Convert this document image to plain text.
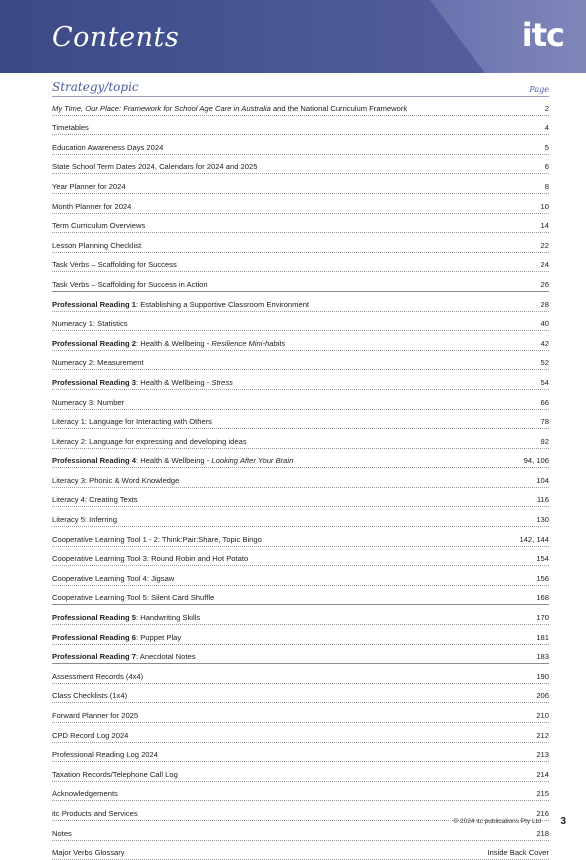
Contents	itc
Strategy/topic	Page
My Time, Our Place: Framework for School Age Care in Australia and the National Curriculum Framework	2
Timetables	4
Education Awareness Days 2024	5
State School Term Dates 2024, Calendars for 2024 and 2025	6
Year Planner for 2024	8
Month Planner for 2024	10
Term Curriculum Overviews	14
Lesson Planning Checklist	22
Task Verbs – Scaffolding for Success	24
Task Verbs – Scaffolding for Success in Action	26
Professional Reading 1: Establishing a Supportive Classroom Environment	28
Numeracy 1: Statistics	40
Professional Reading 2: Health & Wellbeing - Resilience Mini-habits	42
Numeracy 2: Measurement	52
Professional Reading 3: Health & Wellbeing - Stress	54
Numeracy 3: Number	66
Literacy 1: Language for Interacting with Others	78
Literacy 2: Language for expressing and developing ideas	92
Professional Reading 4: Health & Wellbeing - Looking After Your Brain	94, 106
Literacy 3: Phonic & Word Knowledge	104
Literacy 4: Creating Texts	116
Literacy 5: Inferring	130
Cooperative Learning Tool 1 - 2: Think:Pair:Share, Topic Bingo	142, 144
Cooperative Learning Tool 3: Round Robin and Hot Potato	154
Cooperative Learning Tool 4: Jigsaw	156
Cooperative Learning Tool 5: Silent Card Shuffle	168
Professional Reading 5: Handwriting Skills	170
Professional Reading 6: Puppet Play	181
Professional Reading 7: Anecdotal Notes	183
Assessment Records (4x4)	190
Class Checklists (1x4)	206
Forward Planner for 2025	210
CPD Record Log 2024	212
Professional Reading Log 2024	213
Taxation Records/Telephone Call Log	214
Acknowledgements	215
itc Products and Services	216
Notes	218
Major Verbs Glossary	Inside Back Cover
© 2024 itc publications Pty Ltd 3
